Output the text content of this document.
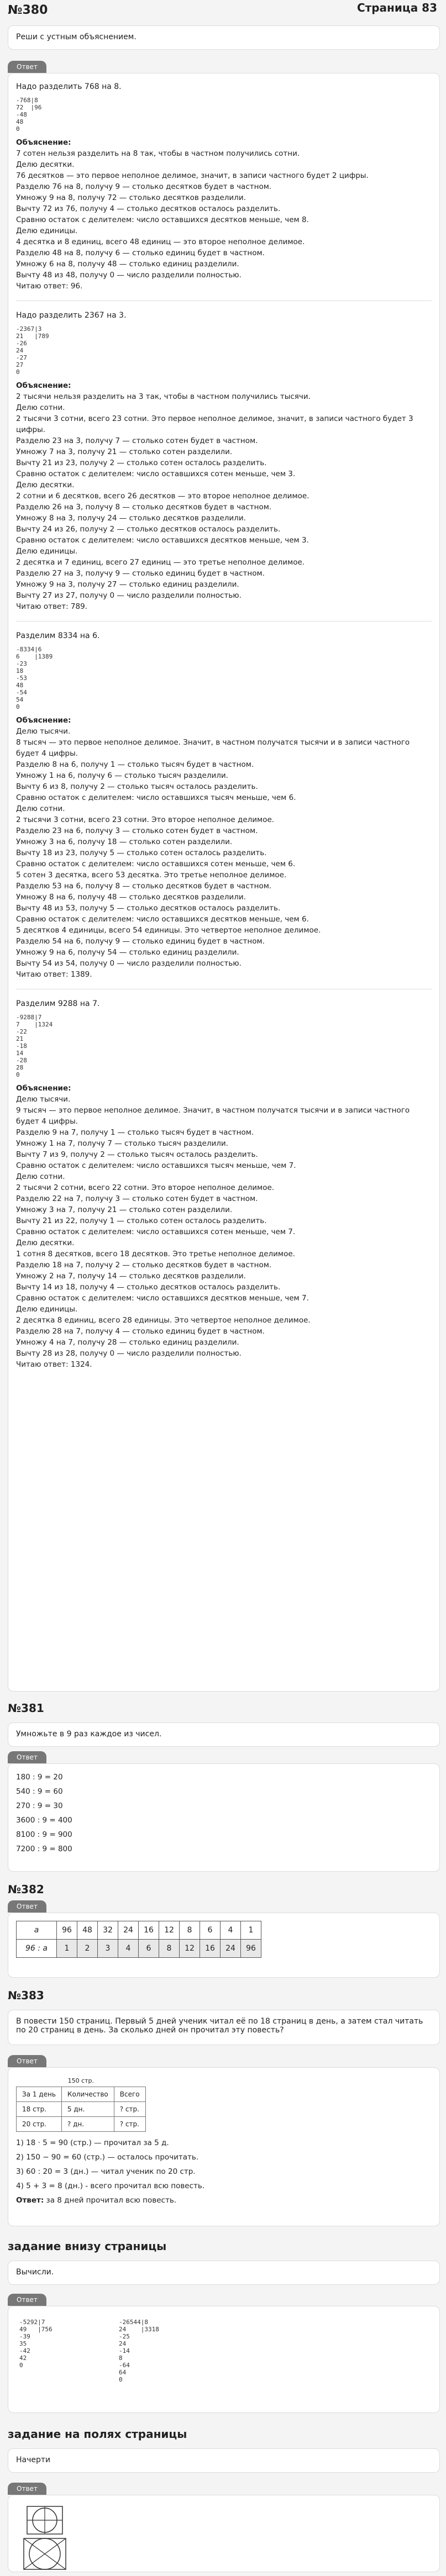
№380	Страница 83
Реши с устным объяснением.
Ответ
Надо разделить 768 на 8.
-768|8
72  |96
-48
48
0
Объяснение:

7 сотен нельзя разделить на 8 так, чтобы в частном получились сотни.

Делю десятки.

76 десятков — это первое неполное делимое, значит, в записи частного будет 2 цифры.

Разделю 76 на 8, получу 9 — столько десятков будет в частном.

Умножу 9 на 8, получу 72 — столько десятков разделили.

Вычту 72 из 76, получу 4 — столько десятков осталось разделить.

Сравню остаток с делителем: число оставшихся десятков меньше, чем 8.

Делю единицы.

4 десятка и 8 единиц, всего 48 единиц — это второе неполное делимое.

Разделю 48 на 8, получу 6 — столько единиц будет в частном.

Умножу 6 на 8, получу 48 — столько единиц разделили.

Вычту 48 из 48, получу 0 — число разделили полностью.

Читаю ответ: 96.

Надо разделить 2367 на 3.
-2367|3
21   |789
-26
24
-27
27
0
Объяснение:

2 тысячи нельзя разделить на 3 так, чтобы в частном получились тысячи.

Делю сотни.

2 тысячи 3 сотни, всего 23 сотни. Это первое неполное делимое, значит, в записи частного будет 3 цифры.

Разделю 23 на 3, получу 7 — столько сотен будет в частном.

Умножу 7 на 3, получу 21 — столько сотен разделили.

Вычту 21 из 23, получу 2 — столько сотен осталось разделить.

Сравню остаток с делителем: число оставшихся сотен меньше, чем 3.

Делю десятки.

2 сотни и 6 десятков, всего 26 десятков — это второе неполное делимое.

Разделю 26 на 3, получу 8 — столько десятков будет в частном.

Умножу 8 на 3, получу 24 — столько десятков разделили.

Вычту 24 из 26, получу 2 — столько десятков осталось разделить.

Сравню остаток с делителем: число оставшихся десятков меньше, чем 3.

Делю единицы.

2 десятка и 7 единиц, всего 27 единиц — это третье неполное делимое.

Разделю 27 на 3, получу 9 — столько единиц будет в частном.

Умножу 9 на 3, получу 27 — столько единиц разделили.

Вычту 27 из 27, получу 0 — число разделили полностью.

Читаю ответ: 789.

Разделим 8334 на 6.
-8334|6
6    |1389
-23
18
-53
48
-54
54
0
Объяснение:

Делю тысячи.

8 тысяч — это первое неполное делимое. Значит, в частном получатся тысячи и в записи частного будет 4 цифры.

Разделю 8 на 6, получу 1 — столько тысяч будет в частном.

Умножу 1 на 6, получу 6 — столько тысяч разделили.

Вычту 6 из 8, получу 2 — столько тысяч осталось разделить.

Сравню остаток с делителем: число оставшихся тысяч меньше, чем 6.

Делю сотни.

2 тысячи 3 сотни, всего 23 сотни. Это второе неполное делимое.

Разделю 23 на 6, получу 3 — столько сотен будет в частном.

Умножу 3 на 6, получу 18 — столько сотен разделили.

Вычту 18 из 23, получу 5 — столько сотен осталось разделить.

Сравню остаток с делителем: число оставшихся сотен меньше, чем 6.

5 сотен 3 десятка, всего 53 десятка. Это третье неполное делимое.

Разделю 53 на 6, получу 8 — столько десятков будет в частном.

Умножу 8 на 6, получу 48 — столько десятков разделили.

Вычту 48 из 53, получу 5 — столько десятков осталось разделить.

Сравню остаток с делителем: число оставшихся десятков меньше, чем 6.

5 десятков 4 единицы, всего 54 единицы. Это четвертое неполное делимое.

Разделю 54 на 6, получу 9 — столько единиц будет в частном.

Умножу 9 на 6, получу 54 — столько единиц разделили.

Вычту 54 из 54, получу 0 — число разделили полностью.

Читаю ответ: 1389.

Разделим 9288 на 7.
-9288|7
7    |1324
-22
21
-18
14
-28
28
0
Объяснение:

Делю тысячи.

9 тысяч — это первое неполное делимое. Значит, в частном получатся тысячи и в записи частного будет 4 цифры.

Разделю 9 на 7, получу 1 — столько тысяч будет в частном.

Умножу 1 на 7, получу 7 — столько тысяч разделили.

Вычту 7 из 9, получу 2 — столько тысяч осталось разделить.

Сравню остаток с делителем: число оставшихся тысяч меньше, чем 7.

Делю сотни.

2 тысячи 2 сотни, всего 22 сотни. Это второе неполное делимое.

Разделю 22 на 7, получу 3 — столько сотен будет в частном.

Умножу 3 на 7, получу 21 — столько сотен разделили.

Вычту 21 из 22, получу 1 — столько сотен осталось разделить.

Сравню остаток с делителем: число оставшихся сотен меньше, чем 7.

Делю десятки.

1 сотня 8 десятков, всего 18 десятков. Это третье неполное делимое.

Разделю 18 на 7, получу 2 — столько десятков будет в частном.

Умножу 2 на 7, получу 14 — столько десятков разделили.

Вычту 14 из 18, получу 4 — столько десятков осталось разделить.

Сравню остаток с делителем: число оставшихся десятков меньше, чем 7.

Делю единицы.

2 десятка 8 единиц, всего 28 единицы. Это четвертое неполное делимое.

Разделю 28 на 7, получу 4 — столько единиц будет в частном.

Умножу 4 на 7, получу 28 — столько единиц разделили.

Вычту 28 из 28, получу 0 — число разделили полностью.

Читаю ответ: 1324.

№381
Умножьте в 9 раз каждое из чисел.
Ответ

180 : 9 = 20

540 : 9 = 60

270 : 9 = 30

3600 : 9 = 400

8100 : 9 = 900

7200 : 9 = 800

№382
Ответ
a	96	48	32	24	16	12	8	6	4	1
96 : a	1	2	3	4	6	8	12	16	24	96
№383
В повести 150 страниц. Первый 5 дней ученик читал её по 18 страниц в день, а затем стал читать по 20 страниц в день. За сколько дней он прочитал эту повесть?
Ответ
За 1 день	Количество	Всего
18 стр.	5 дн.	? стр.
20 стр.	? дн.	? стр.
150 стр.

1) 18 · 5 = 90 (стр.) — прочитал за 5 д.

2) 150 − 90 = 60 (стр.) — осталось прочитать.

3) 60 : 20 = 3 (дн.) — читал ученик по 20 стр.

4) 5 + 3 = 8 (дн.) - всего прочитал всю повесть.

Ответ: за 8 дней прочитал всю повесть.

задание внизу страницы
Вычисли.
Ответ
-5292|7
49   |756
-39
35
-42
42
0
-26544|8
24    |3318
-25
24
-14
8
-64
64
0
задание на полях страницы
Начерти
Ответ
